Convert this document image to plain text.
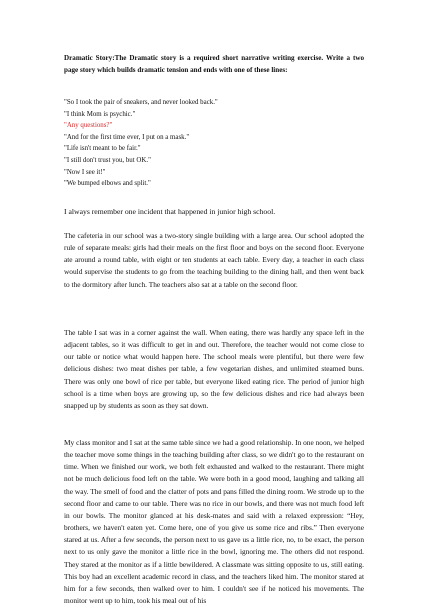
Dramatic Story:The Dramatic story is a required short narrative writing exercise. Write a two page story which builds dramatic tension and ends with one of these lines:
"So I took the pair of sneakers, and never looked back."
"I think Mom is psychic."
"Any questions?"
"And for the first time ever, I put on a mask."
"Life isn't meant to be fair."
"I still don't trust you, but OK."
"Now I see it!"
"We bumped elbows and split."
I always remember one incident that happened in junior high school.

The cafeteria in our school was a two-story single building with a large area. Our school adopted the rule of separate meals: girls had their meals on the first floor and boys on the second floor. Everyone ate around a round table, with eight or ten students at each table. Every day, a teacher in each class would supervise the students to go from the teaching building to the dining hall, and then went back to the dormitory after lunch. The teachers also sat at a table on the second floor.

The table I sat was in a corner against the wall. When eating, there was hardly any space left in the adjacent tables, so it was difficult to get in and out. Therefore, the teacher would not come close to our table or notice what would happen here. The school meals were plentiful, but there were few delicious dishes: two meat dishes per table, a few vegetarian dishes, and unlimited steamed buns. There was only one bowl of rice per table, but everyone liked eating rice. The period of junior high school is a time when boys are growing up, so the few delicious dishes and rice had always been snapped up by students as soon as they sat down.

My class monitor and I sat at the same table since we had a good relationship. In one noon, we helped the teacher move some things in the teaching building after class, so we didn't go to the restaurant on time. When we finished our work, we both felt exhausted and walked to the restaurant. There might not be much delicious food left on the table. We were both in a good mood, laughing and talking all the way. The smell of food and the clatter of pots and pans filled the dining room. We strode up to the second floor and came to our table. There was no rice in our bowls, and there was not much food left in our bowls. The monitor glanced at his desk-mates and said with a relaxed expression: “Hey, brothers, we haven't eaten yet. Come here, one of you give us some rice and ribs.” Then everyone stared at us. After a few seconds, the person next to us gave us a little rice, no, to be exact, the person next to us only gave the monitor a little rice in the bowl, ignoring me. The others did not respond. They stared at the monitor as if a little bewildered. A classmate was sitting opposite to us, still eating. This boy had an excellent academic record in class, and the teachers liked him. The monitor stared at him for a few seconds, then walked over to him. I couldn't see if he noticed his movements. The monitor went up to him, took his meal out of his
